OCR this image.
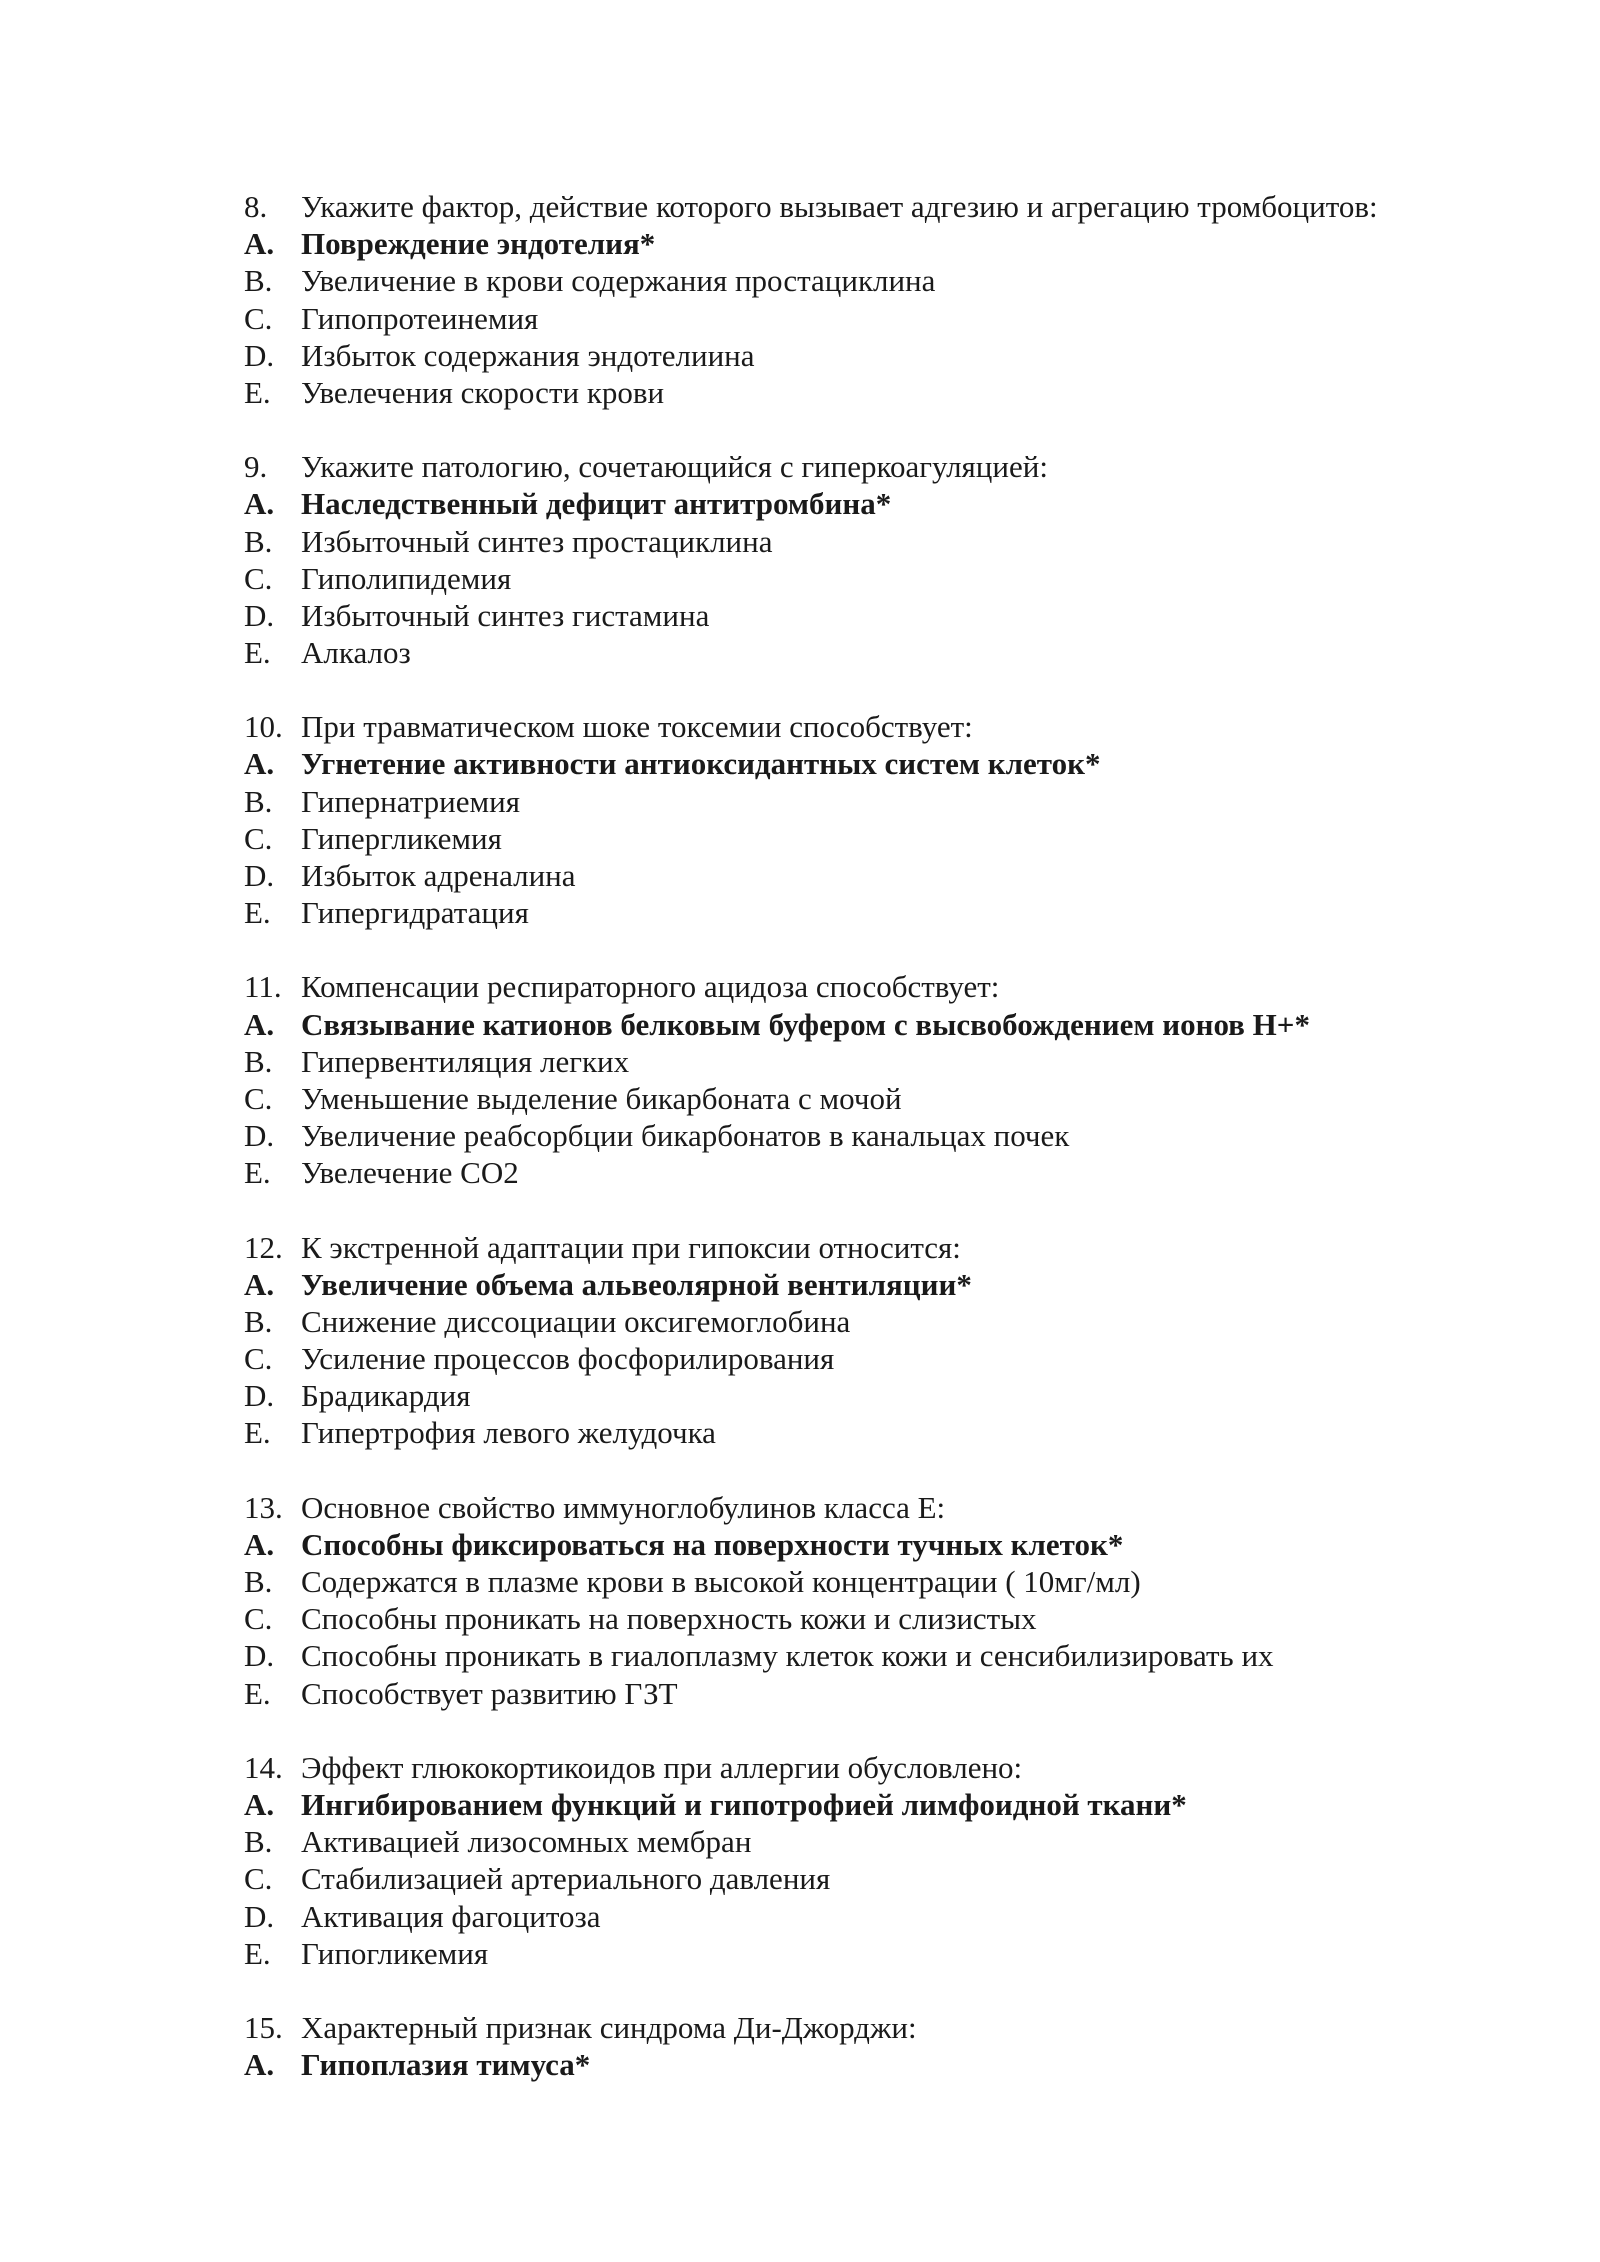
8.	Укажите фактор, действие которого вызывает адгезию и агрегацию тромбоцитов:
A. Повреждение эндотелия*
B. Увеличение в крови содержания простациклина
C. Гипопротеинемия
D. Избыток содержания эндотелиина
E. Увелечения скорости крови
9.	Укажите патологию, сочетающийся с гиперкоагуляцией:
A. Наследственный дефицит антитромбина*
B. Избыточный синтез простациклина
C. Гиполипидемия
D. Избыточный синтез гистамина
E. Алкалоз
10. При травматическом шоке токсемии способствует:
A. Угнетение активности антиоксидантных систем клеток*
B. Гипернатриемия
C. Гипергликемия
D. Избыток адреналина
E. Гипергидратация
11. Компенсации респираторного ацидоза способствует:
A. Связывание катионов белковым буфером с высвобождением ионов Н+*
B. Гипервентиляция легких
C. Уменьшение выделение бикарбоната с мочой
D. Увеличение реабсорбции бикарбонатов в канальцах почек
E. Увелечение СО2
12. К экстренной адаптации при гипоксии относится:
A. Увеличение объема альвеолярной вентиляции*
B. Снижение диссоциации оксигемоглобина
C. Усиление процессов фосфорилирования
D. Брадикардия
E. Гипертрофия левого желудочка
13. Основное свойство иммуноглобулинов класса Е:
A. Способны фиксироваться на поверхности тучных клеток*
B. Содержатся в плазме крови в высокой концентрации ( 10мг/мл)
C. Способны проникать на поверхность кожи и слизистых
D. Способны проникать в гиалоплазму клеток кожи и сенсибилизировать их
E. Способствует развитию ГЗТ
14. Эффект глюкокортикоидов при аллергии обусловлено:
A. Ингибированием функций и гипотрофией лимфоидной ткани*
B. Активацией лизосомных мембран
C. Стабилизацией артериального давления
D. Активация фагоцитоза
E. Гипогликемия
15. Характерный признак синдрома Ди-Джорджи:
A. Гипоплазия тимуса*
